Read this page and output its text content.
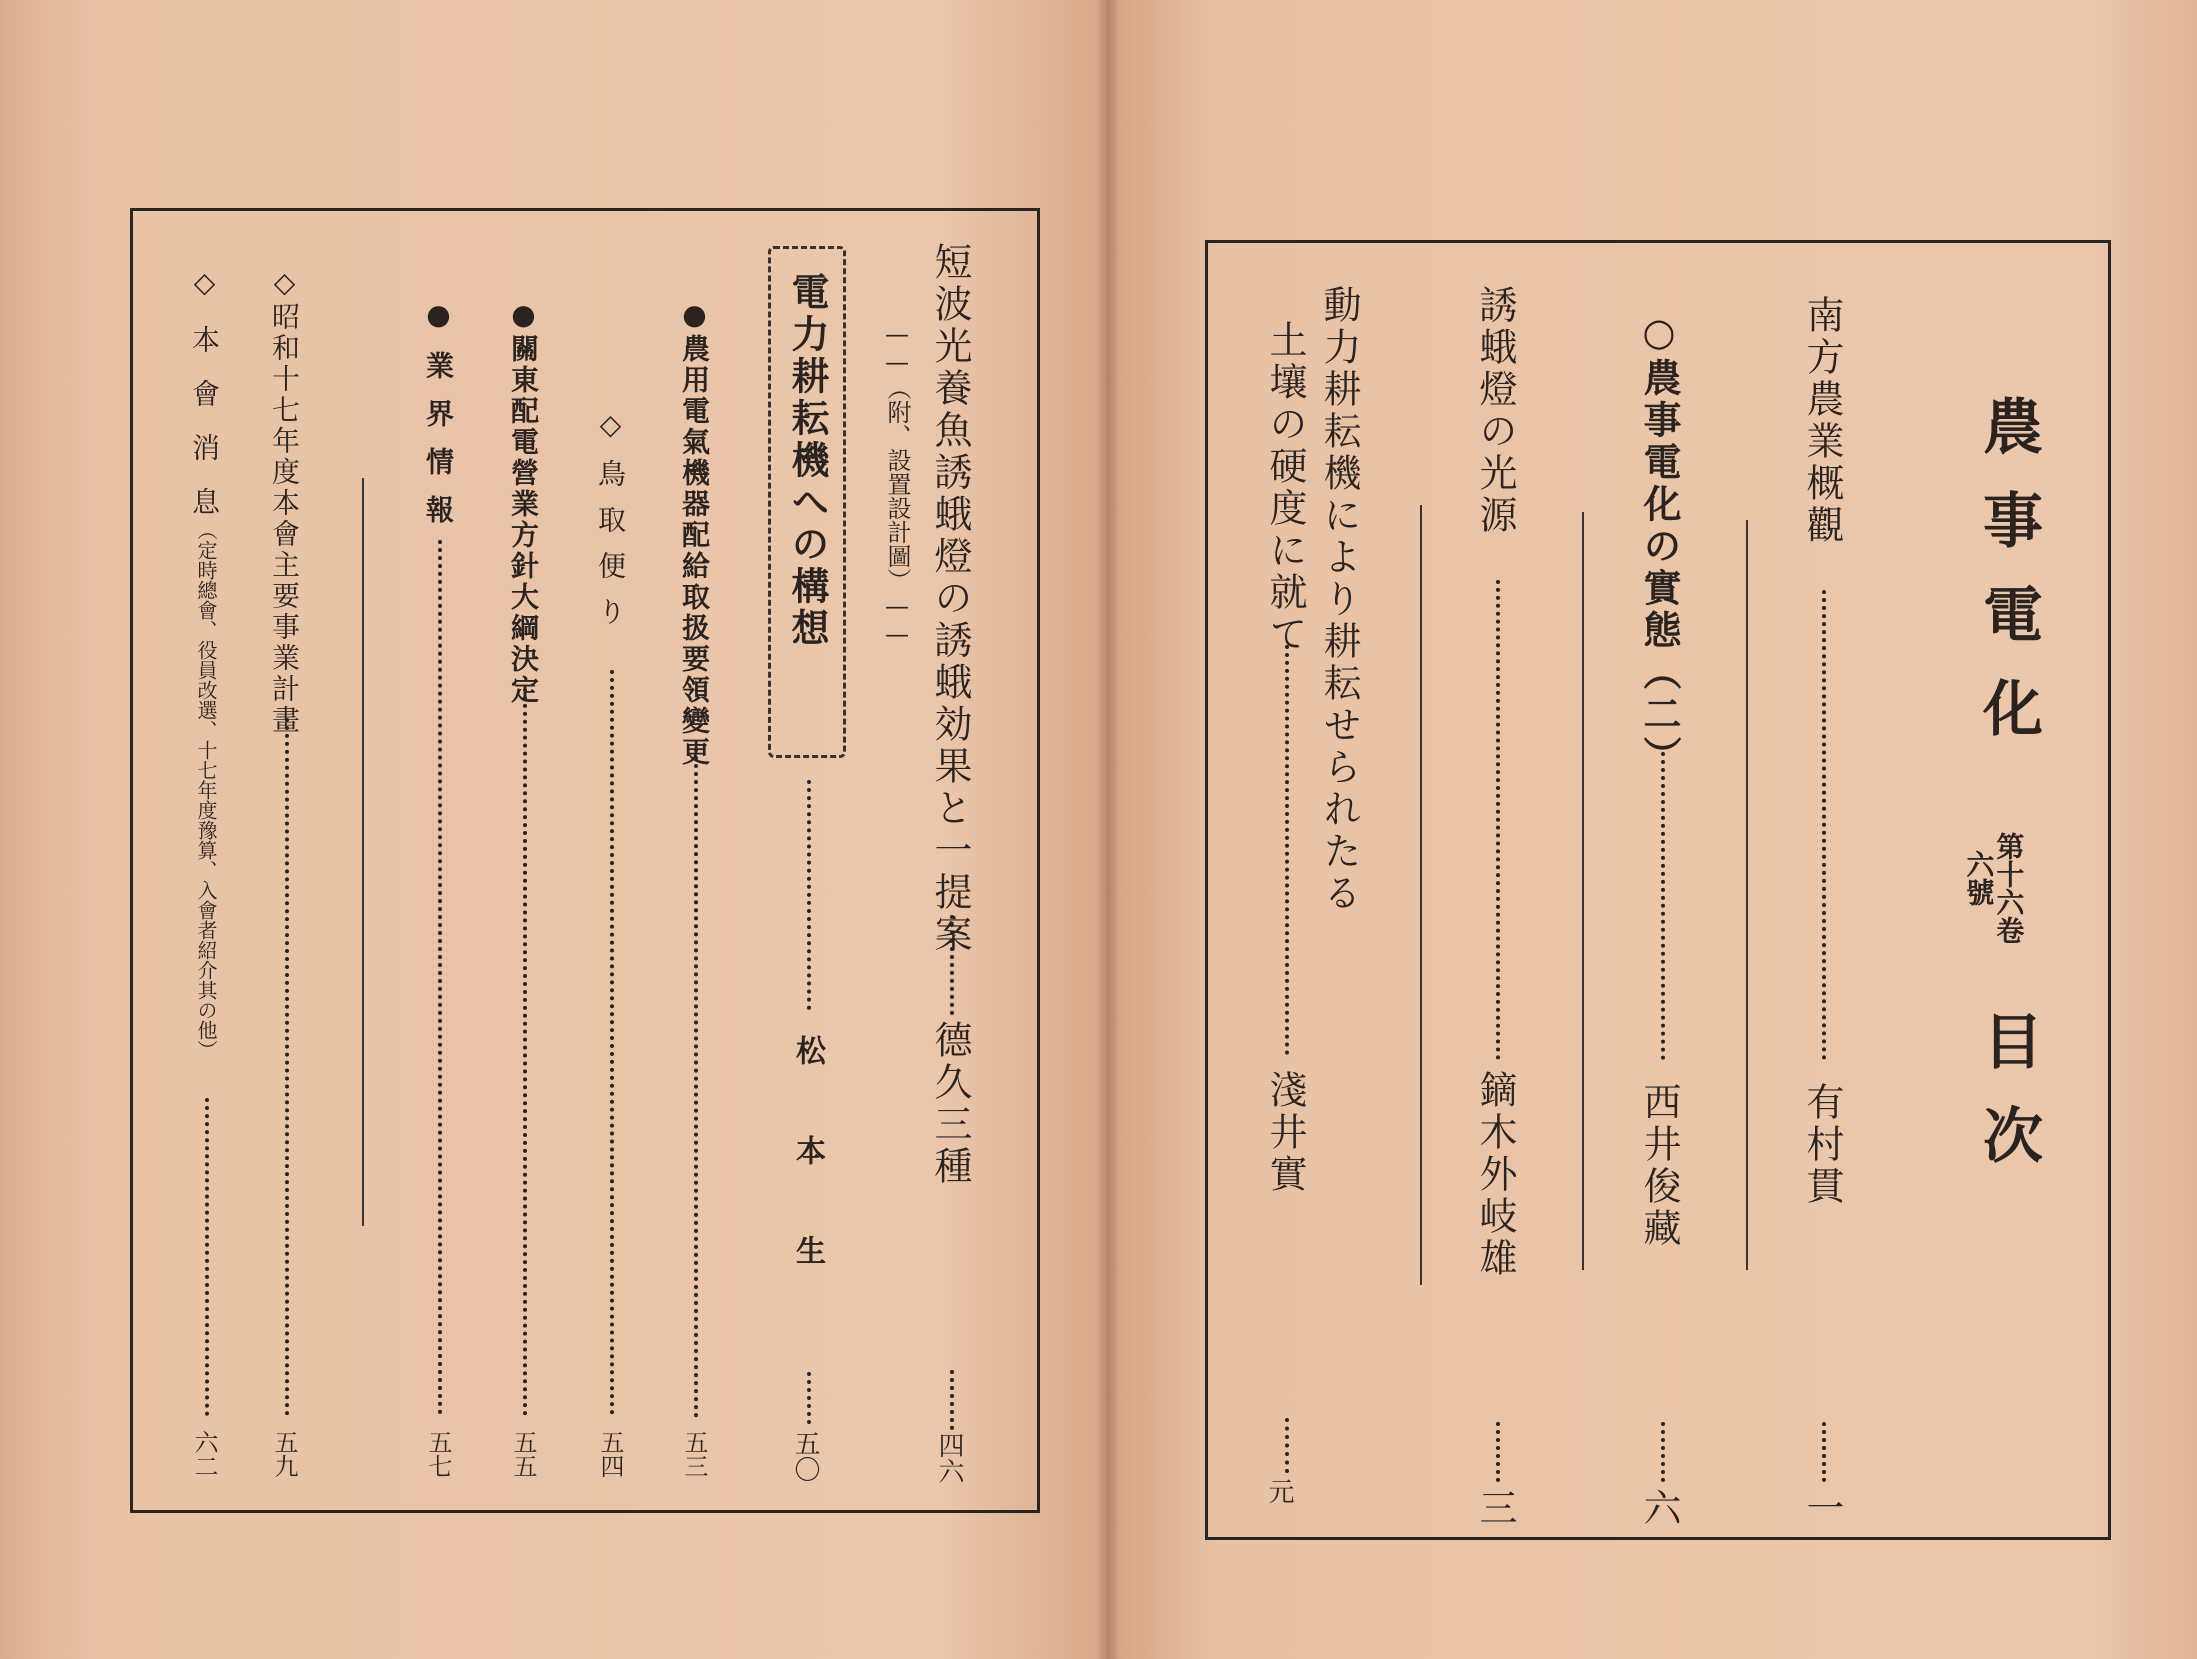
農事電化
第十六卷
六號
目次
南方農業概觀
有村貫
一
○農事電化の實態（二）
西井俊藏
六
誘蛾燈の光源
鏑木外岐雄
三
動力耕耘機により耕耘せられたる
土壤の硬度に就て
淺井實
元
短波光養魚誘蛾燈の誘蛾効果と一提案
——（附、設置設計圖）——
德久三種
四六
電力耕耘機への構想
松本生
五〇
●農用電氣機器配給取扱要領變更
五三
◇鳥取便り
五四
●關東配電營業方針大綱決定
五五
●業界情報
五七
◇昭和十七年度本會主要事業計畫
五九
◇本會消息
（定時總會、役員改選、十七年度豫算、入會者紹介其の他）
六二
